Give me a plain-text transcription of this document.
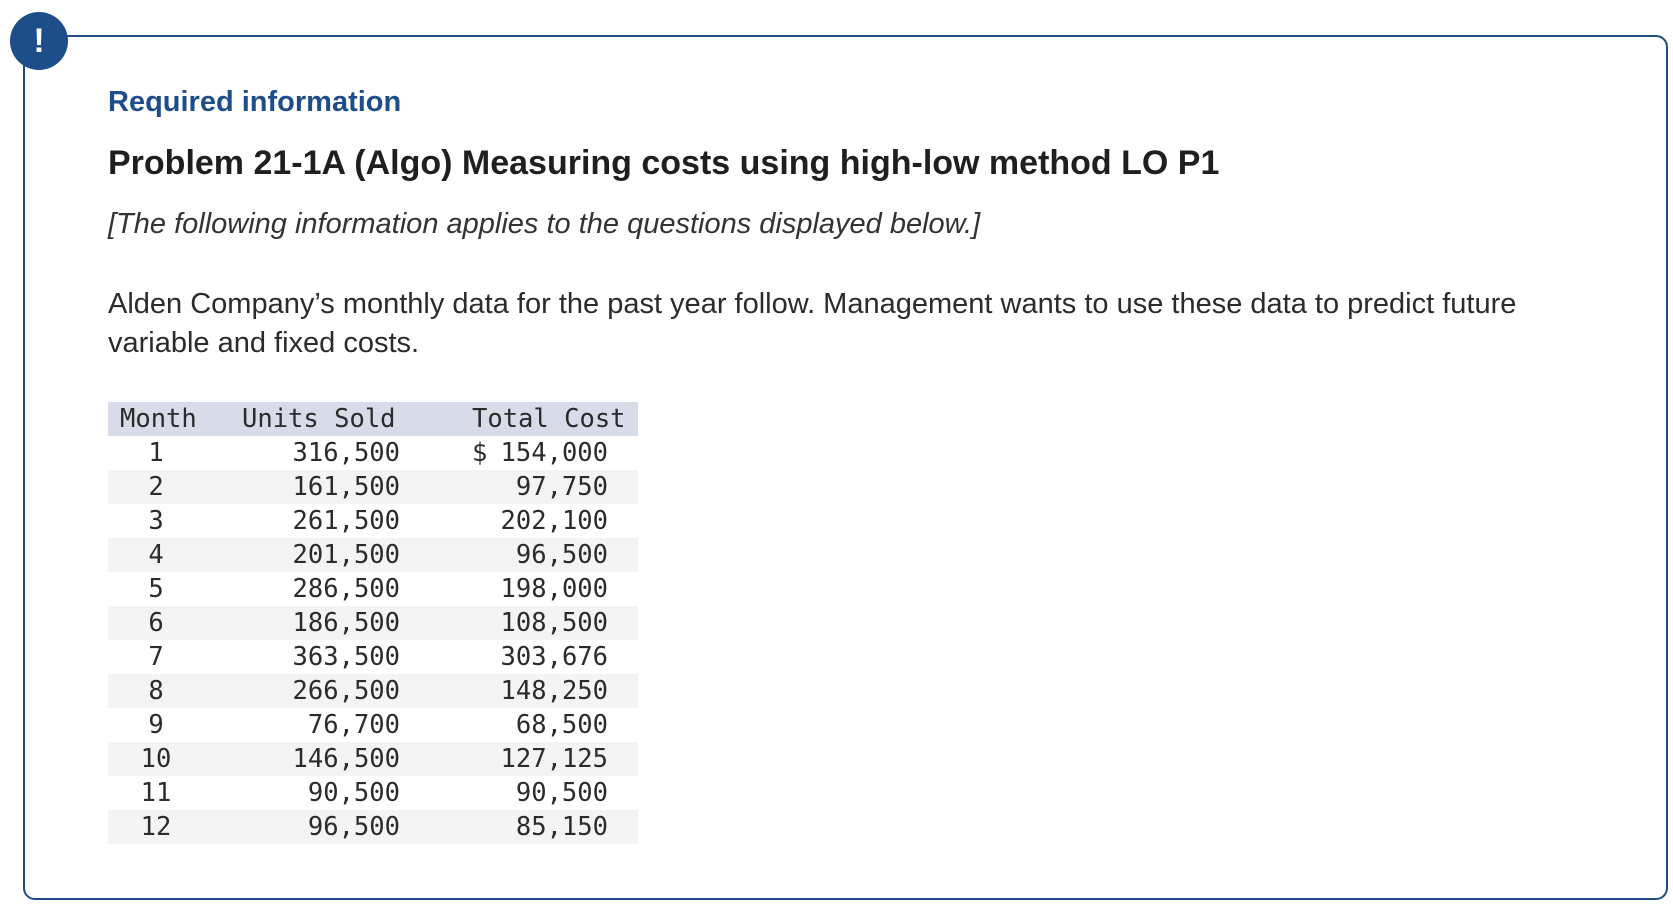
!
Required information
Problem 21-1A (Algo) Measuring costs using high-low method LO P1
[The following information applies to the questions displayed below.]
Alden Company’s monthly data for the past year follow. Management wants to use these data to predict future variable and fixed costs.
Month	Units Sold	Total Cost
1	316,500	$ 154,000

2	161,500	97,750
3	261,500	202,100
4	201,500	96,500
5	286,500	198,000
6	186,500	108,500
7	363,500	303,676
8	266,500	148,250
9	76,700	68,500
10	146,500	127,125
11	90,500	90,500
12	96,500	85,150
